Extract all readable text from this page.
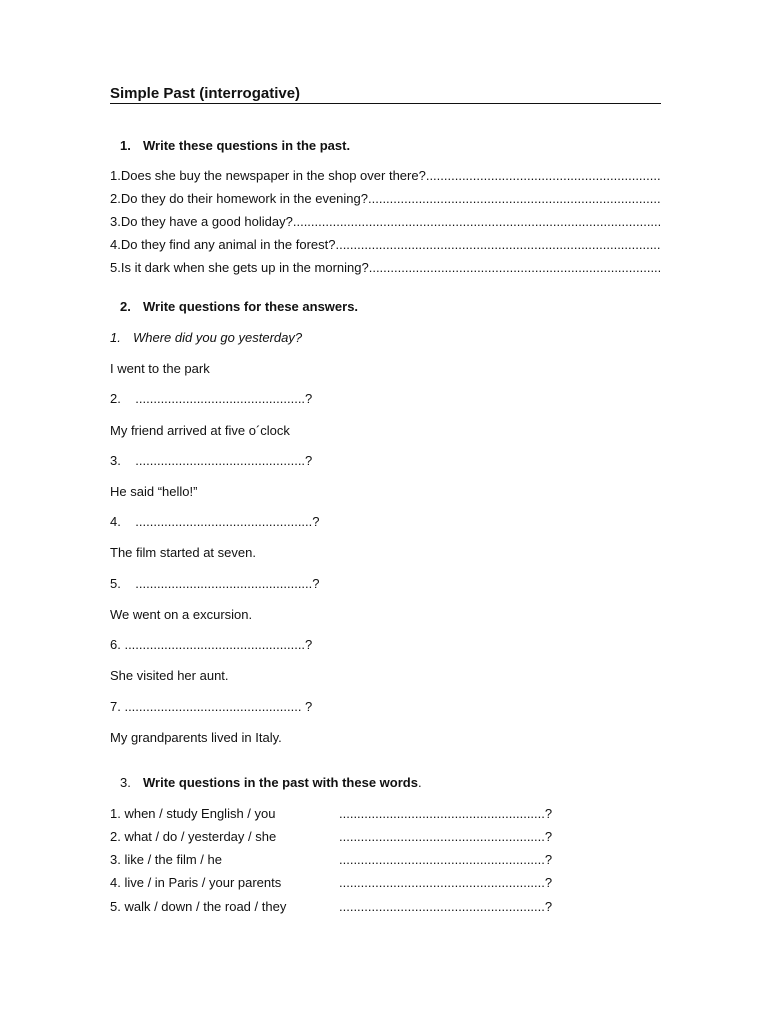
Simple Past (interrogative)
1. Write these questions in the past.
1. Does she buy the newspaper in the shop over there?
.....
2. Do they do their homework in the evening?
.....
3. Do they have a good holiday?
.....
4. Do they find any animal in the forest?
.....
5. Is it dark when she gets up in the morning?
.....
2. Write questions for these answers.
1. Where did you go yesterday?
I went to the park
2.    ...............................................?
My friend arrived at five o´clock
3.    ...............................................?
He said “hello!”
4.    .................................................?
The film started at seven.
5.    .................................................?
We went on a excursion.
6. ..................................................?
She visited her aunt.
7. ................................................. ?
My grandparents lived in Italy.
3. Write questions in the past with these words.
1. when / study English / you	.........................................................?
2. what / do / yesterday / she	.........................................................?
3. like / the film / he	.........................................................?
4. live / in Paris / your parents	.........................................................?
5. walk / down / the road / they	.........................................................?
